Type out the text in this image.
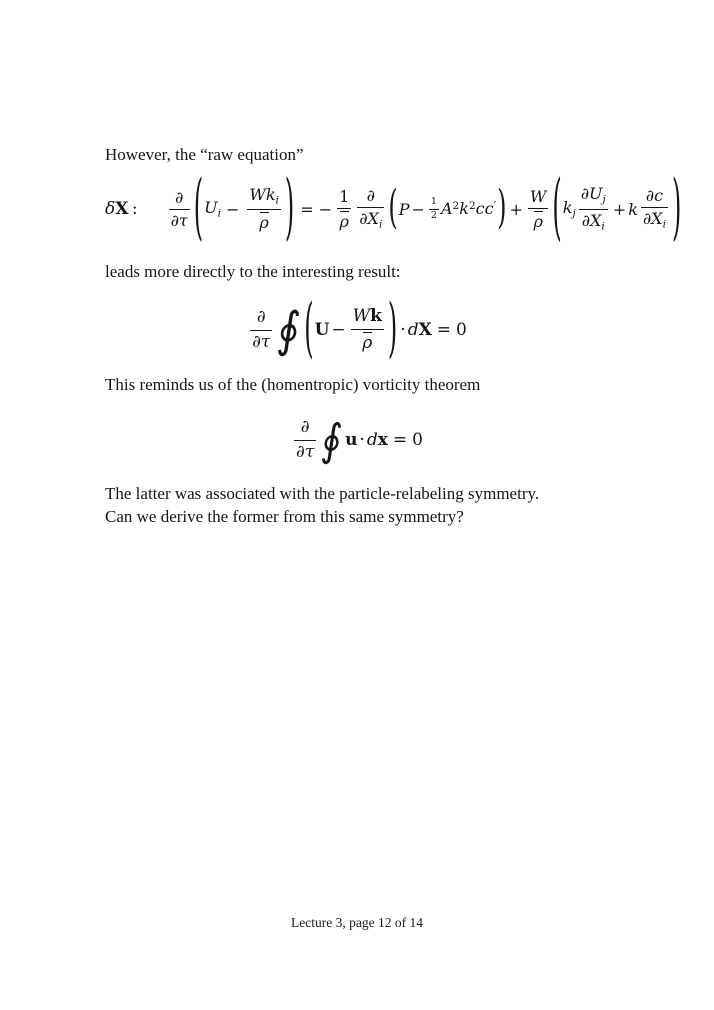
However, the “raw equation”
δX  : $\frac{\partial}{\partial\tau}$ ( $U_i - \frac{Wk_i}{\rho}$ ) = − $\frac{1}{\rho} \frac{\partial}{\partial X_i}$ ( $P - \frac{1}{2} A^2k^2cc'$ ) + $\frac{W}{\rho}$ ( $k_j \frac{\partial U_j}{\partial X_i} + k \frac{\partial c}{\partial X_i}$ )
leads more directly to the interesting result:
$\frac{\partial}{\partial\tau}$ ∮ ( $U - \frac{Wk}{\rho}$ ) · dX = 0
This reminds us of the (homentropic) vorticity theorem
$\frac{\partial}{\partial\tau}$ ∮ u · dx = 0
The latter was associated with the particle-relabeling symmetry.
Can we derive the former from this same symmetry?
Lecture 3, page 12 of 14
